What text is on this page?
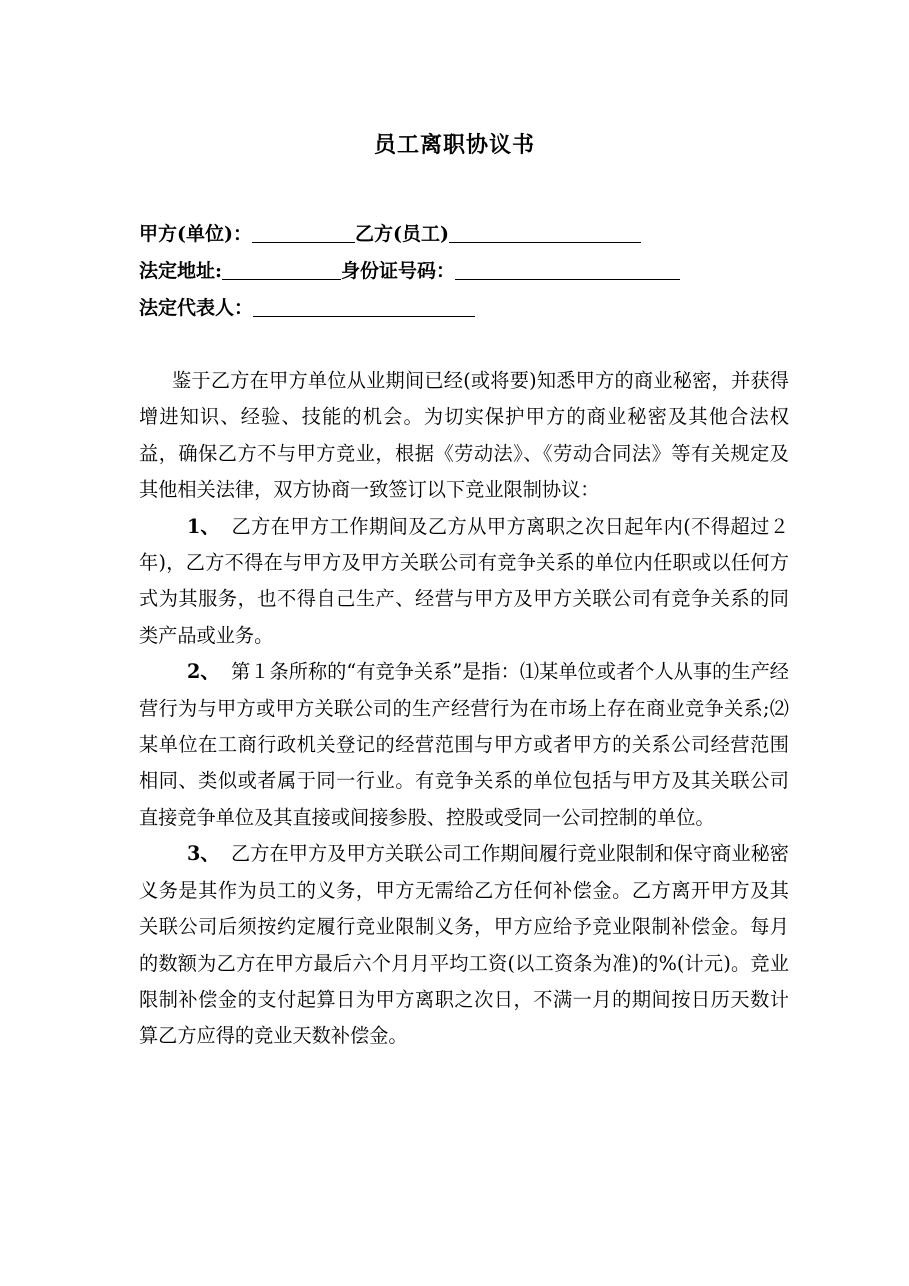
员工离职协议书
甲方(单位)：	乙方(员工)
法定地址:	身份证号码：
法定代表人：

鉴于乙方在甲方单位从业期间已经(或将要)知悉甲方的商业秘密，并获得增进知识、经验、技能的机会。为切实保护甲方的商业秘密及其他合法权益，确保乙方不与甲方竞业，根据《劳动法》、《劳动合同法》等有关规定及其他相关法律，双方协商一致签订以下竞业限制协议：

1、 乙方在甲方工作期间及乙方从甲方离职之次日起年内(不得超过２年)，乙方不得在与甲方及甲方关联公司有竞争关系的单位内任职或以任何方式为其服务，也不得自己生产、经营与甲方及甲方关联公司有竞争关系的同类产品或业务。

2、 第１条所称的“有竞争关系”是指：⑴某单位或者个人从事的生产经营行为与甲方或甲方关联公司的生产经营行为在市场上存在商业竞争关系;⑵某单位在工商行政机关登记的经营范围与甲方或者甲方的关系公司经营范围相同、类似或者属于同一行业。有竞争关系的单位包括与甲方及其关联公司直接竞争单位及其直接或间接参股、控股或受同一公司控制的单位。

3、 乙方在甲方及甲方关联公司工作期间履行竞业限制和保守商业秘密义务是其作为员工的义务，甲方无需给乙方任何补偿金。乙方离开甲方及其关联公司后须按约定履行竞业限制义务，甲方应给予竞业限制补偿金。每月的数额为乙方在甲方最后六个月月平均工资(以工资条为准)的%(计元)。竞业限制补偿金的支付起算日为甲方离职之次日，不满一月的期间按日历天数计算乙方应得的竞业天数补偿金。
